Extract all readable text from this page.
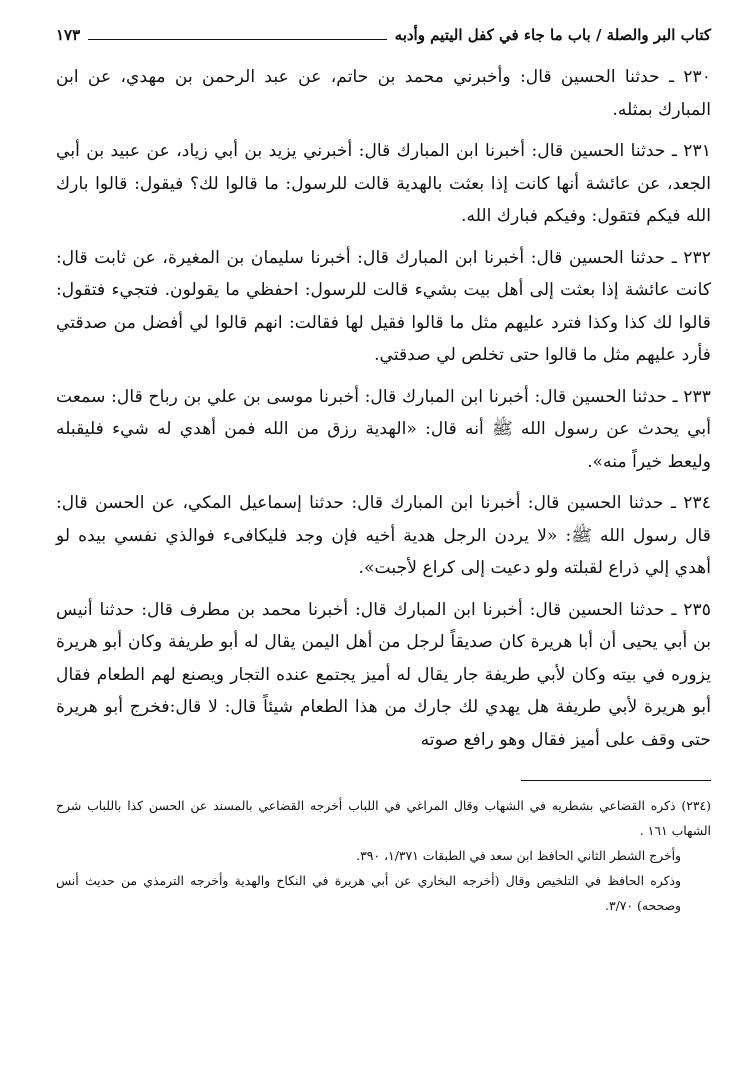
كتاب البر والصلة / باب ما جاء في كفل اليتيم وأدبه
١٧٣

٢٣٠ ـ حدثنا الحسين قال: وأخبرني محمد بن حاتم، عن عبد الرحمن بن مهدي، عن ابن المبارك بمثله.

٢٣١ ـ حدثنا الحسين قال: أخبرنا ابن المبارك قال: أخبرني يزيد بن أبي زياد، عن عبيد بن أبي الجعد، عن عائشة أنها كانت إذا بعثت بالهدية قالت للرسول: ما قالوا لك؟ فيقول: قالوا بارك الله فيكم فتقول: وفيكم فبارك الله.

٢٣٢ ـ حدثنا الحسين قال: أخبرنا ابن المبارك قال: أخبرنا سليمان بن المغيرة، عن ثابت قال: كانت عائشة إذا بعثت إلى أهل بيت بشيء قالت للرسول: احفظي ما يقولون. فتجيء فتقول: قالوا لك كذا وكذا فترد عليهم مثل ما قالوا فقيل لها فقالت: انهم قالوا لي أفضل من صدقتي فأرد عليهم مثل ما قالوا حتى تخلص لي صدقتي.

٢٣٣ ـ حدثنا الحسين قال: أخبرنا ابن المبارك قال: أخبرنا موسى بن علي بن رباح قال: سمعت أبي يحدث عن رسول الله ﷺ أنه قال: «الهدية رزق من الله فمن أهدي له شيء فليقبله وليعط خيراً منه».

٢٣٤ ـ حدثنا الحسين قال: أخبرنا ابن المبارك قال: حدثنا إسماعيل المكي، عن الحسن قال: قال رسول الله ﷺ: «لا يردن الرجل هدية أخيه فإن وجد فليكافىء فوالذي نفسي بيده لو أهدي إلي ذراع لقبلته ولو دعيت إلى كراع لأجبت».

٢٣٥ ـ حدثنا الحسين قال: أخبرنا ابن المبارك قال: أخبرنا محمد بن مطرف قال: حدثنا أنيس بن أبي يحيى أن أبا هريرة كان صديقاً لرجل من أهل اليمن يقال له أبو طريفة وكان أبو هريرة يزوره في بيته وكان لأبي طريفة جار يقال له أميز يجتمع عنده التجار ويصنع لهم الطعام فقال أبو هريرة لأبي طريفة هل يهدي لك جارك من هذا الطعام شيئاً قال: لا قال:فخرج أبو هريرة حتى وقف على أميز فقال وهو رافع صوته

(٢٣٤) ذكره القضاعي بشطريه في الشهاب وقال المراغي في اللباب أخرجه القضاعي بالمسند عن الحسن كذا باللباب شرح الشهاب ١٦١ .

وأخرج الشطر الثاني الحافظ ابن سعد في الطبقات ١/٣٧١، ٣٩٠.

وذكره الحافظ في التلخيص وقال (أخرجه البخاري عن أبي هريرة في النكاح والهدية وأخرجه الترمذي من حديث أنس وصححه) ٣/٧٠.
